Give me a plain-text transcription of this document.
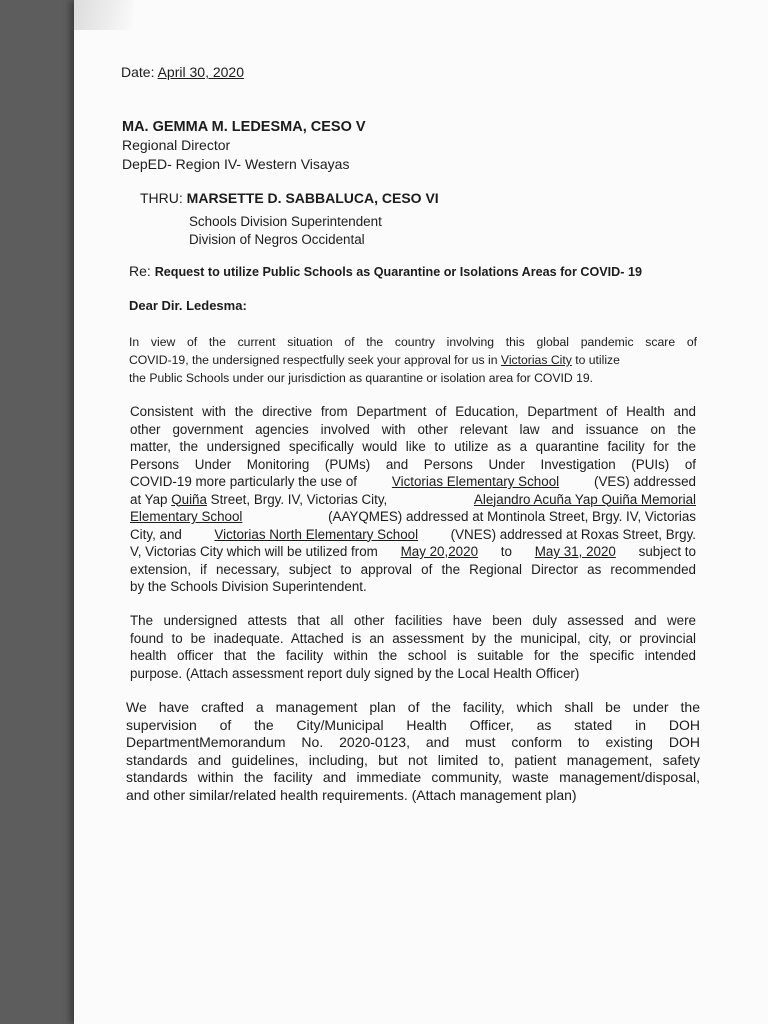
Date: April 30, 2020
MA. GEMMA M. LEDESMA, CESO V
Regional Director
DepED- Region IV- Western Visayas
THRU: MARSETTE D. SABBALUCA, CESO VI
Schools Division Superintendent
Division of Negros Occidental
Re: Request to utilize Public Schools as Quarantine or Isolations Areas for COVID- 19
Dear Dir. Ledesma:
In view of the current situation of the country involving this global pandemic scare of
COVID-19, the undersigned respectfully seek your approval for us in Victorias City to utilize
the Public Schools under our jurisdiction as quarantine or isolation area for COVID 19.
Consistent with the directive from Department of Education, Department of Health and
other government agencies involved with other relevant law and issuance on the
matter, the undersigned specifically would like to utilize as a quarantine facility for the
Persons Under Monitoring (PUMs) and Persons Under Investigation (PUIs) of
COVID-19 more particularly the use of	Victorias Elementary School	(VES) addressed
at Yap Quiña Street, Brgy. IV, Victorias City,	Alejandro Acuña Yap Quiña Memorial
Elementary School	(AAYQMES) addressed at Montinola Street, Brgy. IV, Victorias
City, and Victorias North Elementary School (VNES) addressed at Roxas Street, Brgy.
V, Victorias City which will be utilized from May 20,2020 to May 31, 2020 subject to
extension, if necessary, subject to approval of the Regional Director as recommended
by the Schools Division Superintendent.
The undersigned attests that all other facilities have been duly assessed and were
found to be inadequate. Attached is an assessment by the municipal, city, or provincial
health officer that the facility within the school is suitable for the specific intended
purpose. (Attach assessment report duly signed by the Local Health Officer)
We have crafted a management plan of the facility, which shall be under the
supervision of the City/Municipal Health Officer, as stated in DOH
DepartmentMemorandum No. 2020-0123, and must conform to existing DOH
standards and guidelines, including, but not limited to, patient management, safety
standards within the facility and immediate community, waste management/disposal,
and other similar/related health requirements. (Attach management plan)
